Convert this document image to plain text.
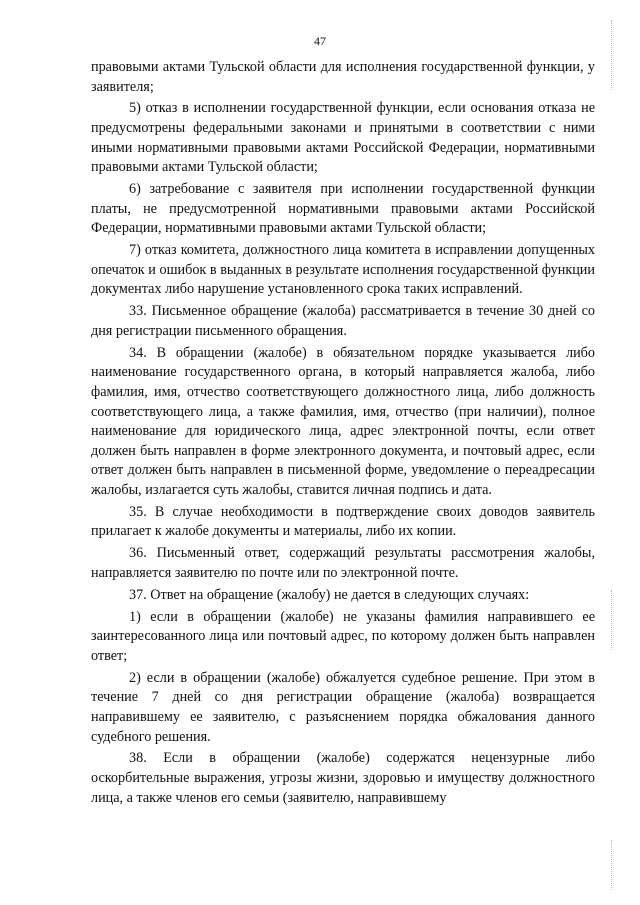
47

правовыми актами Тульской области для исполнения государственной функции, у заявителя;

5) отказ в исполнении государственной функции, если основания отказа не предусмотрены федеральными законами и принятыми в соответствии с ними иными нормативными правовыми актами Российской Федерации, нормативными правовыми актами Тульской области;

6) затребование с заявителя при исполнении государственной функции платы, не предусмотренной нормативными правовыми актами Российской Федерации, нормативными правовыми актами Тульской области;

7) отказ комитета, должностного лица комитета в исправлении допущенных опечаток и ошибок в выданных в результате исполнения государственной функции документах либо нарушение установленного срока таких исправлений.

33. Письменное обращение (жалоба) рассматривается в течение 30 дней со дня регистрации письменного обращения.

34. В обращении (жалобе) в обязательном порядке указывается либо наименование государственного органа, в который направляется жалоба, либо фамилия, имя, отчество соответствующего должностного лица, либо должность соответствующего лица, а также фамилия, имя, отчество (при наличии), полное наименование для юридического лица, адрес электронной почты, если ответ должен быть направлен в форме электронного документа, и почтовый адрес, если ответ должен быть направлен в письменной форме, уведомление о переадресации жалобы, излагается суть жалобы, ставится личная подпись и дата.

35. В случае необходимости в подтверждение своих доводов заявитель прилагает к жалобе документы и материалы, либо их копии.

36. Письменный ответ, содержащий результаты рассмотрения жалобы, направляется заявителю по почте или по электронной почте.

37. Ответ на обращение (жалобу) не дается в следующих случаях:

1) если в обращении (жалобе) не указаны фамилия направившего ее заинтересованного лица или почтовый адрес, по которому должен быть направлен ответ;

2) если в обращении (жалобе) обжалуется судебное решение. При этом в течение 7 дней со дня регистрации обращение (жалоба) возвращается направившему ее заявителю, с разъяснением порядка обжалования данного судебного решения.

38. Если в обращении (жалобе) содержатся нецензурные либо оскорбительные выражения, угрозы жизни, здоровью и имуществу должностного лица, а также членов его семьи (заявителю, направившему
